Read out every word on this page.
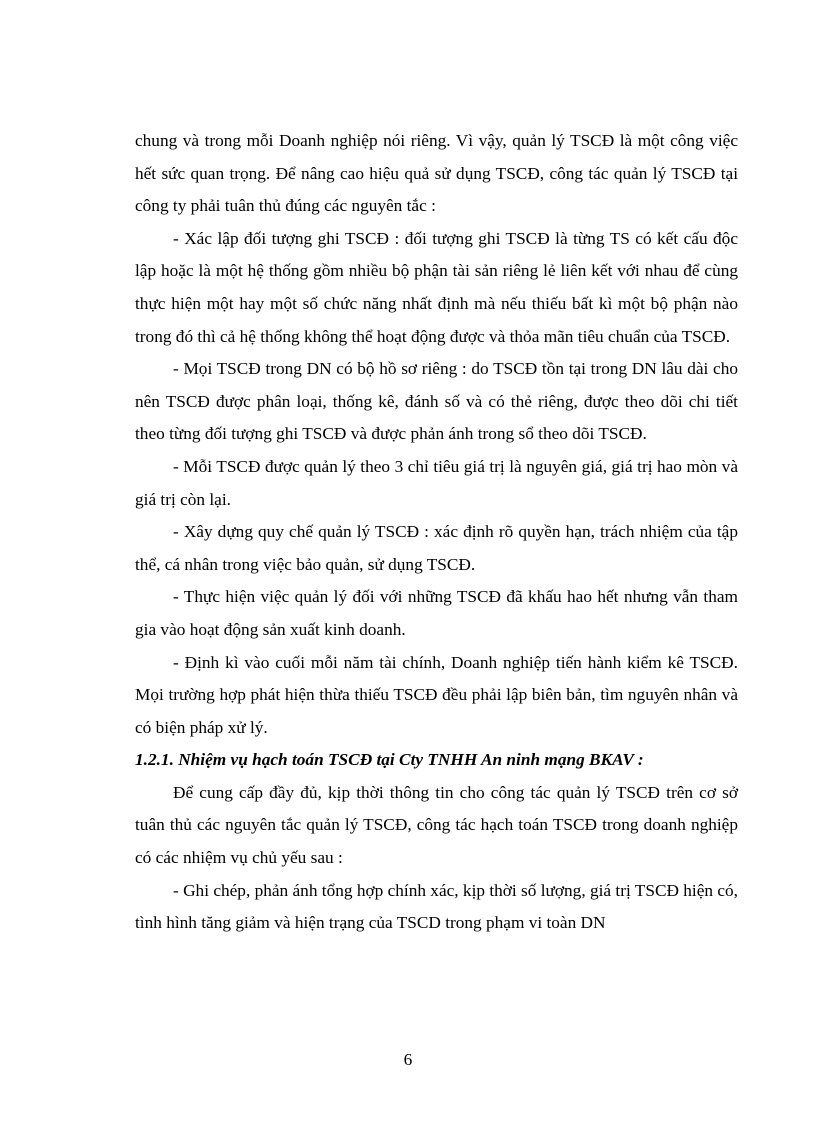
chung và trong mỗi Doanh nghiệp nói riêng. Vì vậy, quản lý TSCĐ là một công việc hết sức quan trọng. Để nâng cao hiệu quả sử dụng TSCĐ, công tác quản lý TSCĐ tại công ty phải tuân thủ đúng các nguyên tắc :

- Xác lập đối tượng ghi TSCĐ : đối tượng ghi TSCĐ là từng TS có kết cấu độc lập hoặc là một hệ thống gồm nhiều bộ phận tài sản riêng lẻ liên kết với nhau để cùng thực hiện một hay một số chức năng nhất định mà nếu thiếu bất kì một bộ phận nào trong đó thì cả hệ thống không thể hoạt động được và thỏa mãn tiêu chuẩn của TSCĐ.

- Mọi TSCĐ trong DN có bộ hồ sơ riêng : do TSCĐ tồn tại trong DN lâu dài cho nên TSCĐ được phân loại, thống kê, đánh số và có thẻ riêng, được theo dõi chi tiết theo từng đối tượng ghi TSCĐ và được phản ánh trong sổ theo dõi TSCĐ.

- Mỗi TSCĐ được quản lý theo 3 chỉ tiêu giá trị là nguyên giá, giá trị hao mòn và giá trị còn lại.

- Xây dựng quy chế quản lý TSCĐ : xác định rõ quyền hạn, trách nhiệm của tập thể, cá nhân trong việc bảo quản, sử dụng TSCĐ.

- Thực hiện việc quản lý đối với những TSCĐ đã khấu hao hết nhưng vẫn tham gia vào hoạt động sản xuất kinh doanh.

- Định kì vào cuối mỗi năm tài chính, Doanh nghiệp tiến hành kiểm kê TSCĐ. Mọi trường hợp phát hiện thừa thiếu TSCĐ đều phải lập biên bản, tìm nguyên nhân và có biện pháp xử lý.

1.2.1. Nhiệm vụ hạch toán TSCĐ tại Cty TNHH An ninh mạng BKAV :

Để cung cấp đầy đủ, kịp thời thông tin cho công tác quản lý TSCĐ trên cơ sở tuân thủ các nguyên tắc quản lý TSCĐ, công tác hạch toán TSCĐ trong doanh nghiệp có các nhiệm vụ chủ yếu sau :

- Ghi chép, phản ánh tổng hợp chính xác, kịp thời số lượng, giá trị TSCĐ hiện có, tình hình tăng giảm và hiện trạng của TSCD trong phạm vi toàn DN

6
